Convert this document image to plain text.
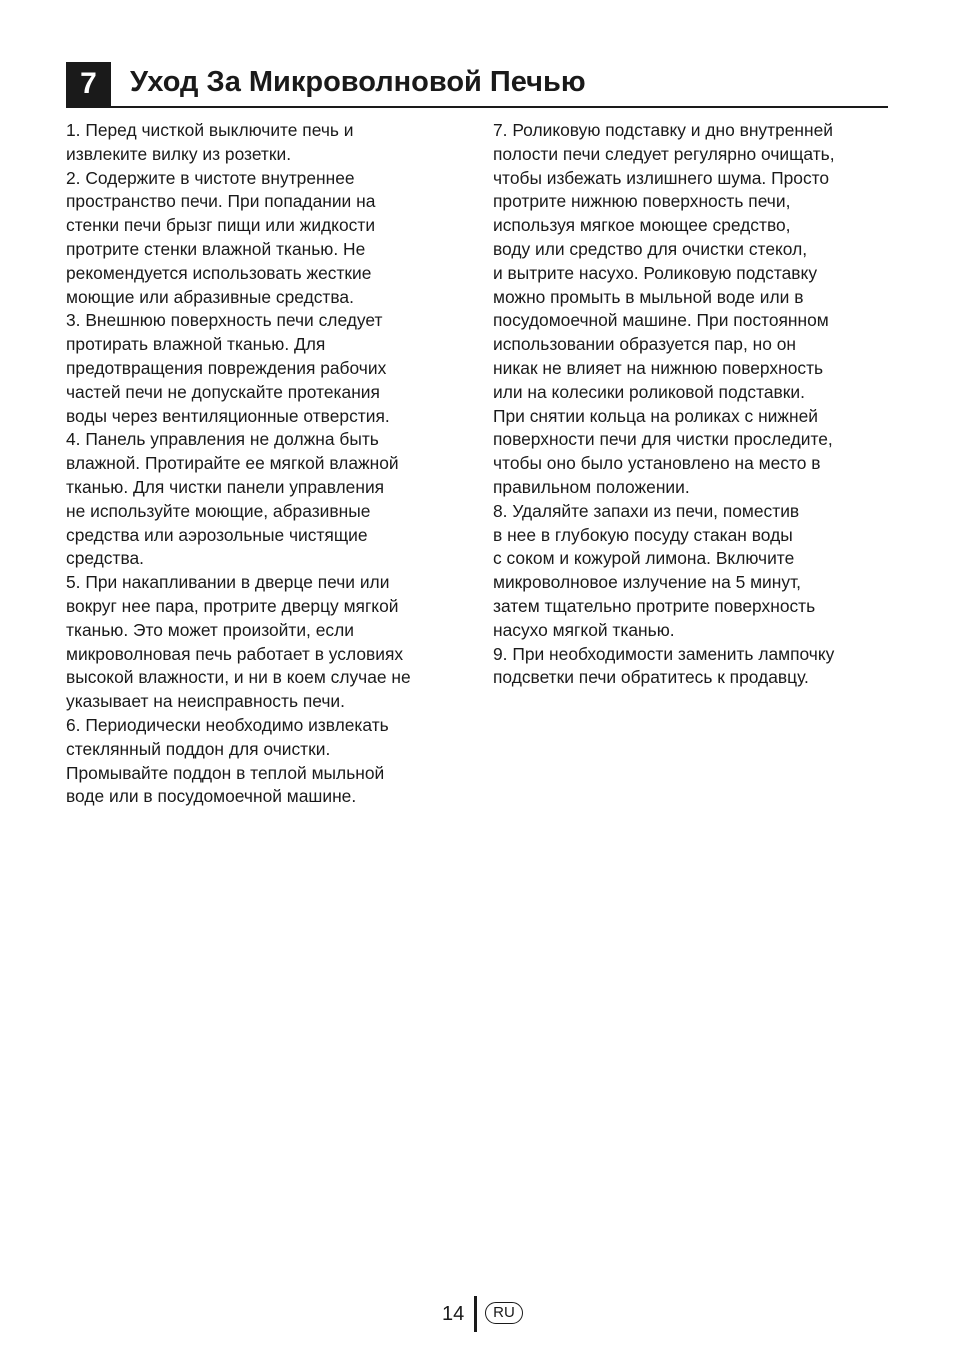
7	Уход За Микроволновой Печью
1. Перед чисткой выключите печь и
извлеките вилку из розетки.
2. Содержите в чистоте внутреннее
пространство печи. При попадании на
стенки печи брызг пищи или жидкости
протрите стенки влажной тканью. Не
рекомендуется использовать жесткие
моющие или абразивные средства.
3. Внешнюю поверхность печи следует
протирать влажной тканью. Для
предотвращения повреждения рабочих
частей печи не допускайте протекания
воды через вентиляционные отверстия.
4. Панель управления не должна быть
влажной. Протирайте ее мягкой влажной
тканью. Для чистки панели управления
не используйте моющие, абразивные
средства или аэрозольные чистящие
средства.
5. При накапливании в дверце печи или
вокруг нее пара, протрите дверцу мягкой
тканью. Это может произойти, если
микроволновая печь работает в условиях
высокой влажности, и ни в коем случае не
указывает на неисправность печи.
6. Периодически необходимо извлекать
стеклянный поддон для очистки.
Промывайте поддон в теплой мыльной
воде или в посудомоечной машине.
7. Роликовую подставку и дно внутренней
полости печи следует регулярно очищать,
чтобы избежать излишнего шума. Просто
протрите нижнюю поверхность печи,
используя мягкое моющее средство,
воду или средство для очистки стекол,
и вытрите насухо. Роликовую подставку
можно промыть в мыльной воде или в
посудомоечной машине. При постоянном
использовании образуется пар, но он
никак не влияет на нижнюю поверхность
или на колесики роликовой подставки.
При снятии кольца на роликах с нижней
поверхности печи для чистки проследите,
чтобы оно было установлено на место в
правильном положении.
8. Удаляйте запахи из печи, поместив
в нее в глубокую посуду стакан воды
с соком и кожурой лимона. Включите
микроволновое излучение на 5 минут,
затем тщательно протрите поверхность
насухо мягкой тканью.
9. При необходимости заменить лампочку
подсветки печи обратитесь к продавцу.
14	RU
